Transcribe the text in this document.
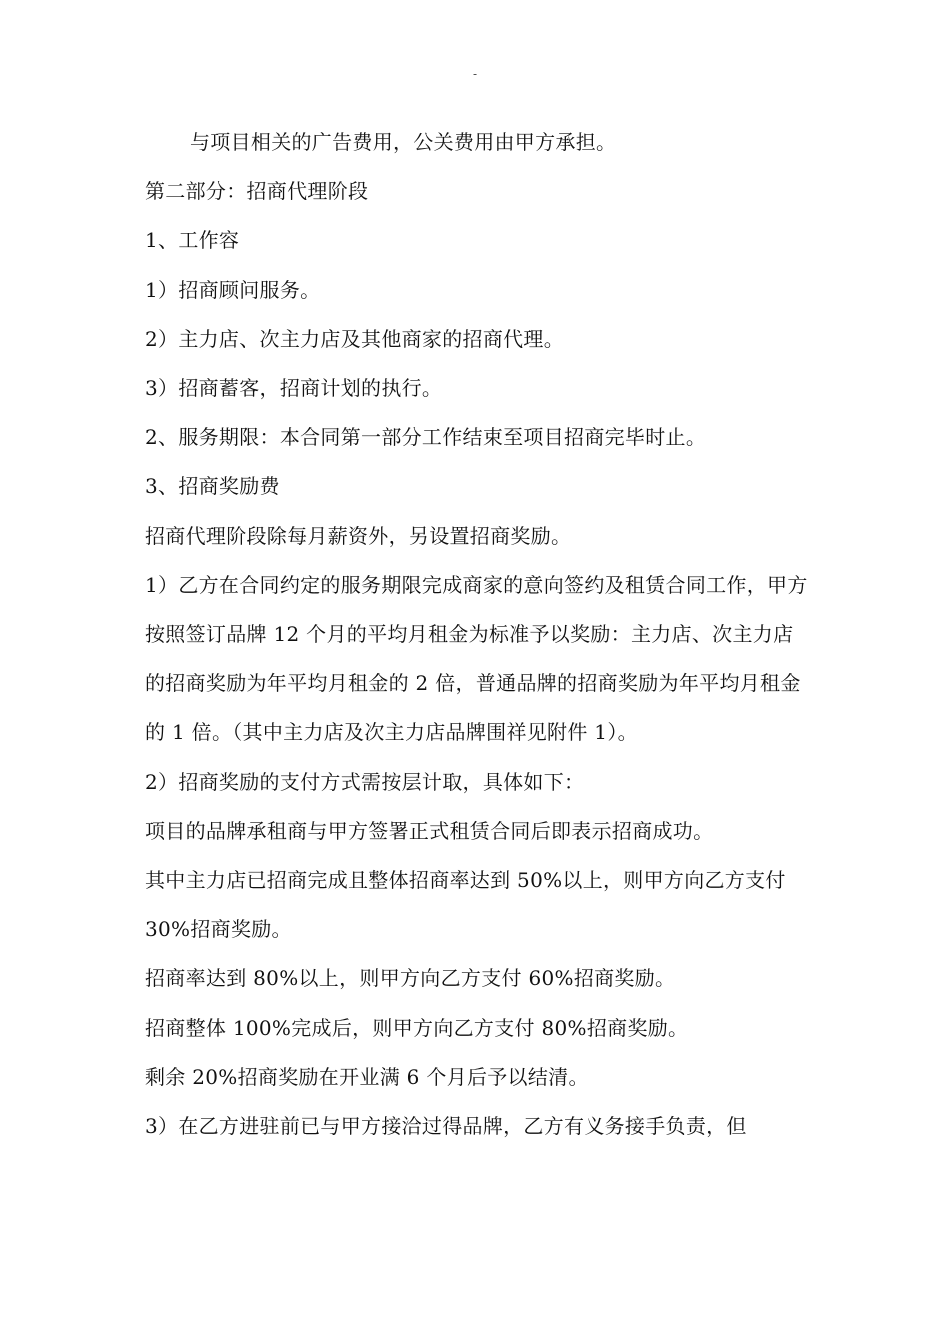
-

与项目相关的广告费用，公关费用由甲方承担。

第二部分：招商代理阶段

1、工作容

1）招商顾问服务。

2）主力店、次主力店及其他商家的招商代理。

3）招商蓄客，招商计划的执行。

2、服务期限：本合同第一部分工作结束至项目招商完毕时止。

3、招商奖励费

招商代理阶段除每月薪资外，另设置招商奖励。

1）乙方在合同约定的服务期限完成商家的意向签约及租赁合同工作，甲方按照签订品牌 12 个月的平均月租金为标准予以奖励：主力店、次主力店的招商奖励为年平均月租金的 2 倍，普通品牌的招商奖励为年平均月租金的 1 倍。（其中主力店及次主力店品牌围祥见附件 1）。

2）招商奖励的支付方式需按层计取，具体如下：

项目的品牌承租商与甲方签署正式租赁合同后即表示招商成功。

其中主力店已招商完成且整体招商率达到 50%以上，则甲方向乙方支付 30%招商奖励。

招商率达到 80%以上，则甲方向乙方支付 60%招商奖励。

招商整体 100%完成后，则甲方向乙方支付 80%招商奖励。

剩余 20%招商奖励在开业满 6 个月后予以结清。

3）在乙方进驻前已与甲方接洽过得品牌，乙方有义务接手负责，但
